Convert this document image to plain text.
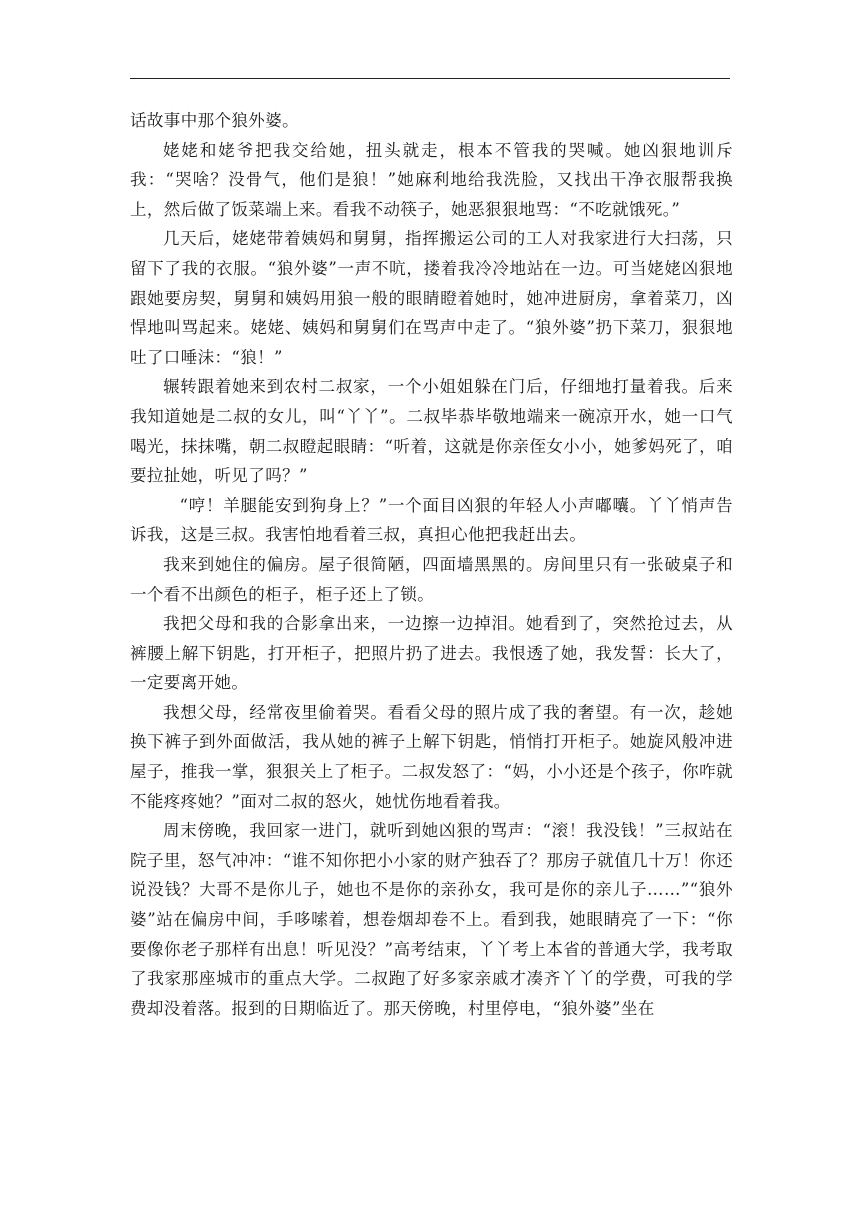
话故事中那个狼外婆。

姥姥和姥爷把我交给她，扭头就走，根本不管我的哭喊。她凶狠地训斥我：“哭啥？没骨气，他们是狼！”她麻利地给我洗脸，又找出干净衣服帮我换上，然后做了饭菜端上来。看我不动筷子，她恶狠狠地骂：“不吃就饿死。”

几天后，姥姥带着姨妈和舅舅，指挥搬运公司的工人对我家进行大扫荡，只留下了我的衣服。“狼外婆”一声不吭，搂着我冷冷地站在一边。可当姥姥凶狠地跟她要房契，舅舅和姨妈用狼一般的眼睛瞪着她时，她冲进厨房，拿着菜刀，凶悍地叫骂起来。姥姥、姨妈和舅舅们在骂声中走了。“狼外婆”扔下菜刀，狠狠地吐了口唾沫：“狼！”

辗转跟着她来到农村二叔家，一个小姐姐躲在门后，仔细地打量着我。后来我知道她是二叔的女儿，叫“丫丫”。二叔毕恭毕敬地端来一碗凉开水，她一口气喝光，抹抹嘴，朝二叔瞪起眼睛：“听着，这就是你亲侄女小小，她爹妈死了，咱要拉扯她，听见了吗？”

“哼！羊腿能安到狗身上？”一个面目凶狠的年轻人小声嘟囔。丫丫悄声告诉我，这是三叔。我害怕地看着三叔，真担心他把我赶出去。

我来到她住的偏房。屋子很简陋，四面墙黑黑的。房间里只有一张破桌子和一个看不出颜色的柜子，柜子还上了锁。

我把父母和我的合影拿出来，一边擦一边掉泪。她看到了，突然抢过去，从裤腰上解下钥匙，打开柜子，把照片扔了进去。我恨透了她，我发誓：长大了，一定要离开她。

我想父母，经常夜里偷着哭。看看父母的照片成了我的奢望。有一次，趁她换下裤子到外面做活，我从她的裤子上解下钥匙，悄悄打开柜子。她旋风般冲进屋子，推我一掌，狠狠关上了柜子。二叔发怒了：“妈，小小还是个孩子，你咋就不能疼疼她？”面对二叔的怒火，她忧伤地看着我。

周末傍晚，我回家一进门，就听到她凶狠的骂声：“滚！我没钱！”三叔站在院子里，怒气冲冲：“谁不知你把小小家的财产独吞了？那房子就值几十万！你还说没钱？大哥不是你儿子，她也不是你的亲孙女，我可是你的亲儿子……”“狼外婆”站在偏房中间，手哆嗦着，想卷烟却卷不上。看到我，她眼睛亮了一下：“你要像你老子那样有出息！听见没？”高考结束，丫丫考上本省的普通大学，我考取了我家那座城市的重点大学。二叔跑了好多家亲戚才凑齐丫丫的学费，可我的学费却没着落。报到的日期临近了。那天傍晚，村里停电，“狼外婆”坐在
